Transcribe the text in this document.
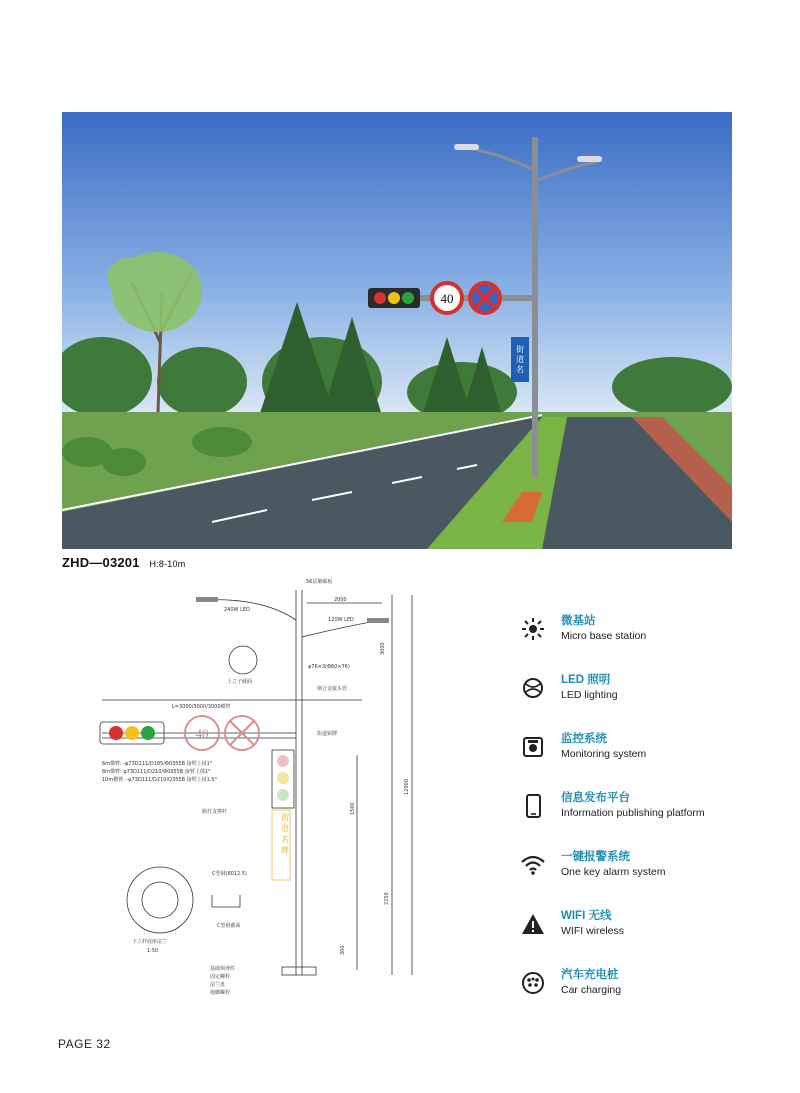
40
街道名
ZHD—03201 H:8-10m
40
56层聚碳板
240W LED
120W LED
2000
上立子截面
φ76×3(Φ60×76)
钢合金接头管
L=3000/3000/3000横臂
街道铭牌
6m横臂: -φ73D111/D185/Φ0355B 接臂上扬1°
8m横臂: φ73D111/D210/Φ0355B 接臂上扬1°
10m横臂: -φ73D111/D210/Q355B 接臂上扬1.5°
街道名牌
路灯支撑杆
C型钢(8012.5)
C型钢截面
下立杆底座法兰
1:50
3000
12000
1500
2250
300
基础预埋件
固定螺栓
法兰盘
地脚螺栓
微基站
Micro base station
LED 照明
LED lighting
监控系统
Monitoring system
信息发布平台
Information publishing platform
一键报警系统
One key alarm system
WIFI 无线
WIFI wireless
汽车充电桩
Car charging
PAGE 32
